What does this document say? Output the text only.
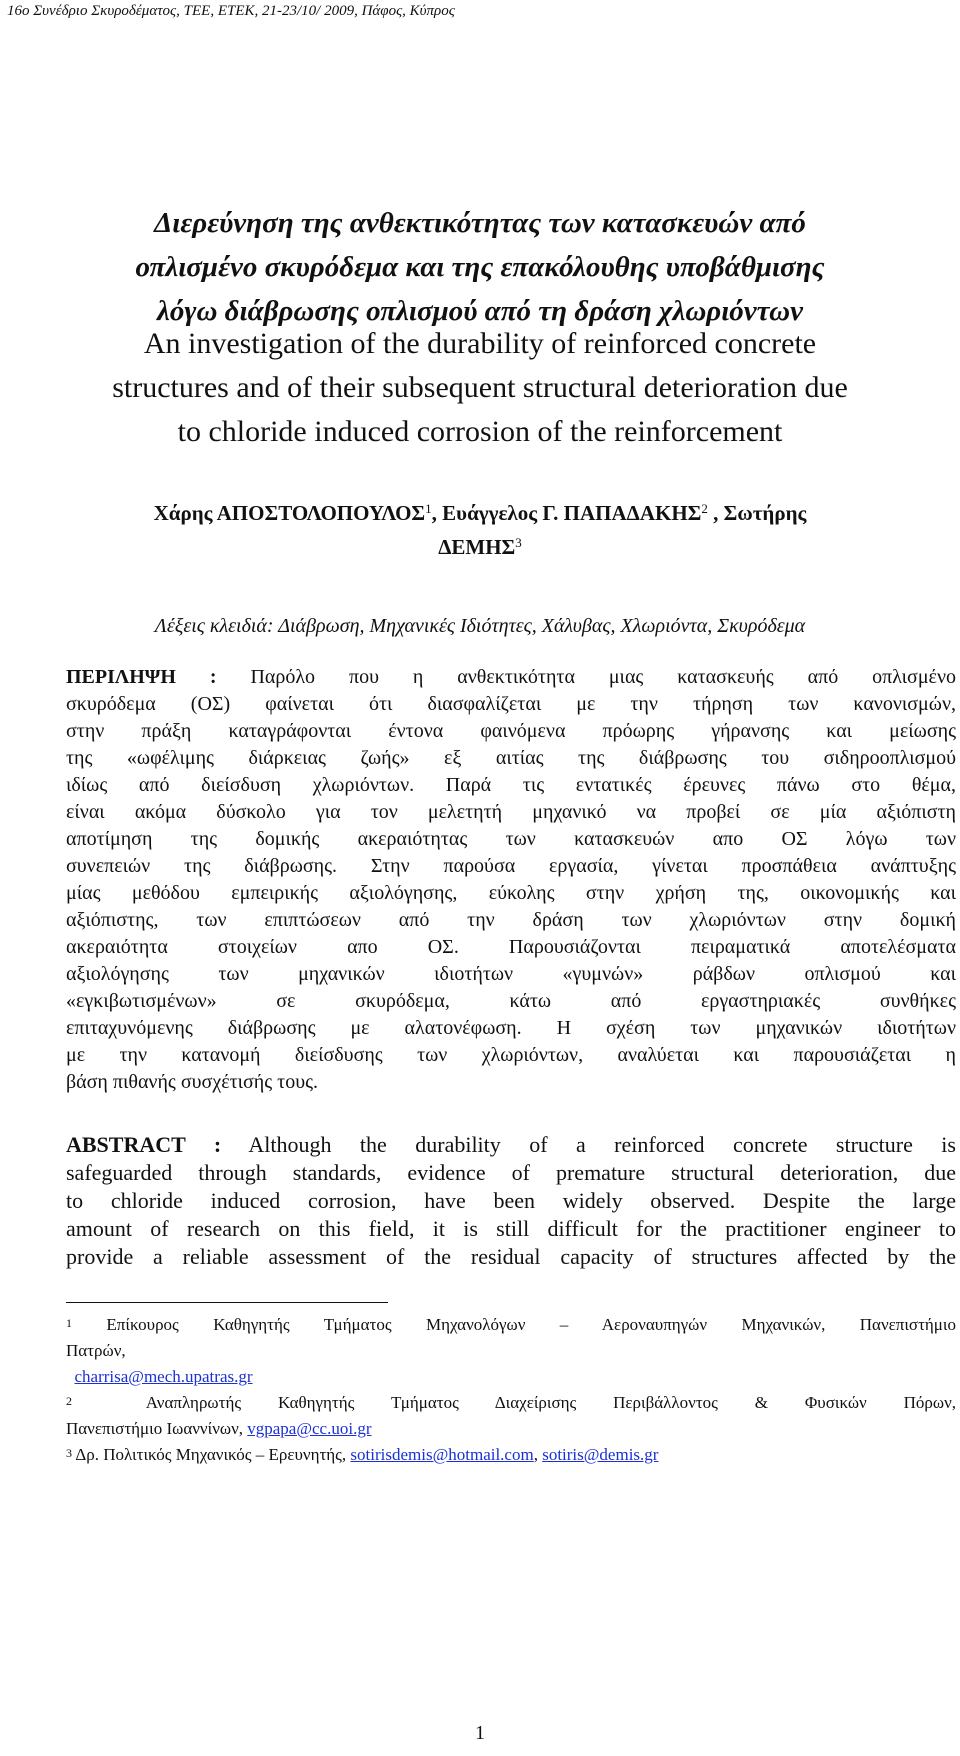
16ο Συνέδριο Σκυροδέματος, ΤΕΕ, ΕΤΕΚ, 21-23/10/ 2009, Πάφος, Κύπρος
Διερεύνηση της ανθεκτικότητας των κατασκευών από
οπλισμένο σκυρόδεμα και της επακόλουθης υποβάθμισης
λόγω διάβρωσης οπλισμού από τη δράση χλωριόντων
An investigation of the durability of reinforced concrete
structures and of their subsequent structural deterioration due
to chloride induced corrosion of the reinforcement
Χάρης ΑΠΟΣΤΟΛΟΠΟΥΛΟΣ$^1$, Ευάγγελος Γ. ΠΑΠΑΔΑΚΗΣ$^2$ , Σωτήρης
ΔΕΜΗΣ$^3$
Λέξεις κλειδιά: Διάβρωση, Μηχανικές Ιδιότητες, Χάλυβας, Χλωριόντα, Σκυρόδεμα
ΠΕΡΙΛΗΨΗ : Παρόλο που η ανθεκτικότητα μιας κατασκευής από οπλισμένο
σκυρόδεμα (ΟΣ) φαίνεται ότι διασφαλίζεται με την τήρηση των κανονισμών,
στην πράξη καταγράφονται έντονα φαινόμενα πρόωρης γήρανσης και μείωσης
της «ωφέλιμης διάρκειας ζωής» εξ αιτίας της διάβρωσης του σιδηροοπλισμού
ιδίως από διείσδυση χλωριόντων. Παρά τις εντατικές έρευνες πάνω στο θέμα,
είναι ακόμα δύσκολο για τον μελετητή μηχανικό να προβεί σε μία αξιόπιστη
αποτίμηση της δομικής ακεραιότητας των κατασκευών απο ΟΣ λόγω των
συνεπειών της διάβρωσης. Στην παρούσα εργασία, γίνεται προσπάθεια ανάπτυξης
μίας μεθόδου εμπειρικής αξιολόγησης, εύκολης στην χρήση της, οικονομικής και
αξιόπιστης, των επιπτώσεων από την δράση των χλωριόντων στην δομική
ακεραιότητα στοιχείων απο ΟΣ. Παρουσιάζονται πειραματικά αποτελέσματα
αξιολόγησης των μηχανικών ιδιοτήτων «γυμνών» ράβδων οπλισμού και
«εγκιβωτισμένων» σε σκυρόδεμα, κάτω από εργαστηριακές συνθήκες
επιταχυνόμενης διάβρωσης με αλατονέφωση. Η σχέση των μηχανικών ιδιοτήτων
με την κατανομή διείσδυσης των χλωριόντων, αναλύεται και παρουσιάζεται η
βάση πιθανής συσχέτισής τους.
ABSTRACT : Although the durability of a reinforced concrete structure is
safeguarded through standards, evidence of premature structural deterioration, due
to chloride induced corrosion, have been widely observed. Despite the large
amount of research on this field, it is still difficult for the practitioner engineer to
provide a reliable assessment of the residual capacity of structures affected by the
$^1$ Επίκουρος Καθηγητής Τμήματος Μηχανολόγων – Αεροναυπηγών Μηχανικών, Πανεπιστήμιο
Πατρών,
charrisa@mech.upatras.gr
$^2$	Αναπληρωτής Καθηγητής Τμήματος Διαχείρισης Περιβάλλοντος & Φυσικών Πόρων,
Πανεπιστήμιο Ιωαννίνων, vgpapa@cc.uoi.gr
$^3$ Δρ. Πολιτικός Μηχανικός – Ερευνητής, sotirisdemis@hotmail.com, sotiris@demis.gr
1
